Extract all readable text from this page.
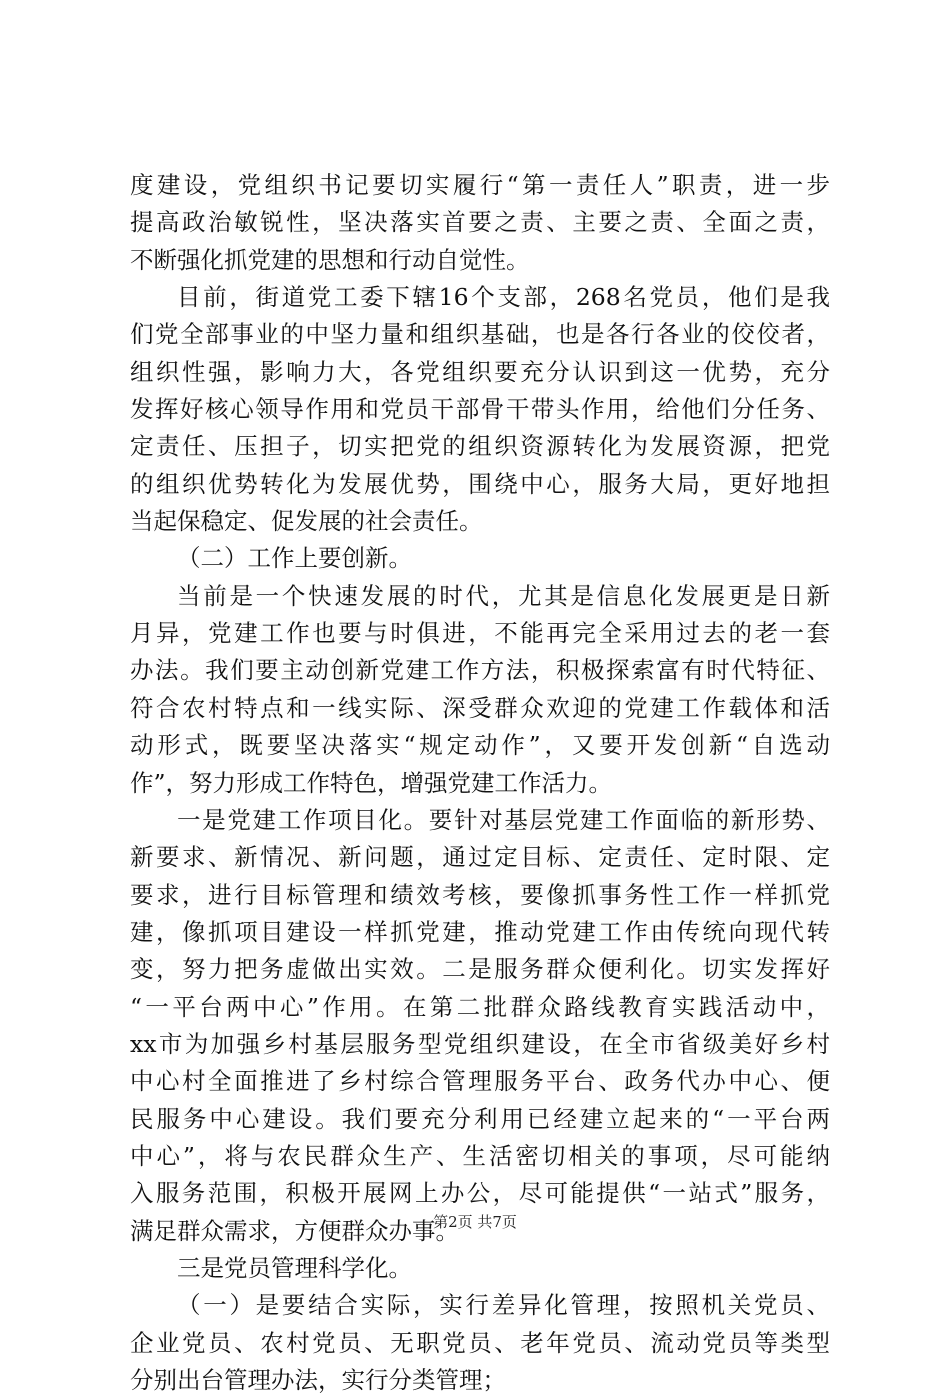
度建设，党组织书记要切实履行“第一责任人”职责，进一步
提高政治敏锐性，坚决落实首要之责、主要之责、全面之责，
不断强化抓党建的思想和行动自觉性。
目前，街道党工委下辖16个支部，268名党员，他们是我
们党全部事业的中坚力量和组织基础，也是各行各业的佼佼者，
组织性强，影响力大，各党组织要充分认识到这一优势，充分
发挥好核心领导作用和党员干部骨干带头作用，给他们分任务、
定责任、压担子，切实把党的组织资源转化为发展资源，把党
的组织优势转化为发展优势，围绕中心，服务大局，更好地担
当起保稳定、促发展的社会责任。
（二）工作上要创新。
当前是一个快速发展的时代，尤其是信息化发展更是日新
月异，党建工作也要与时俱进，不能再完全采用过去的老一套
办法。我们要主动创新党建工作方法，积极探索富有时代特征、
符合农村特点和一线实际、深受群众欢迎的党建工作载体和活
动形式，既要坚决落实“规定动作”，又要开发创新“自选动
作”，努力形成工作特色，增强党建工作活力。
一是党建工作项目化。要针对基层党建工作面临的新形势、
新要求、新情况、新问题，通过定目标、定责任、定时限、定
要求，进行目标管理和绩效考核，要像抓事务性工作一样抓党
建，像抓项目建设一样抓党建，推动党建工作由传统向现代转
变，努力把务虚做出实效。二是服务群众便利化。切实发挥好
“一平台两中心”作用。在第二批群众路线教育实践活动中，
xx市为加强乡村基层服务型党组织建设，在全市省级美好乡村
中心村全面推进了乡村综合管理服务平台、政务代办中心、便
民服务中心建设。我们要充分利用已经建立起来的“一平台两
中心”，将与农民群众生产、生活密切相关的事项，尽可能纳
入服务范围，积极开展网上办公，尽可能提供“一站式”服务，
满足群众需求，方便群众办事。
三是党员管理科学化。
（一）是要结合实际，实行差异化管理，按照机关党员、
企业党员、农村党员、无职党员、老年党员、流动党员等类型
分别出台管理办法，实行分类管理；
第2页 共7页
